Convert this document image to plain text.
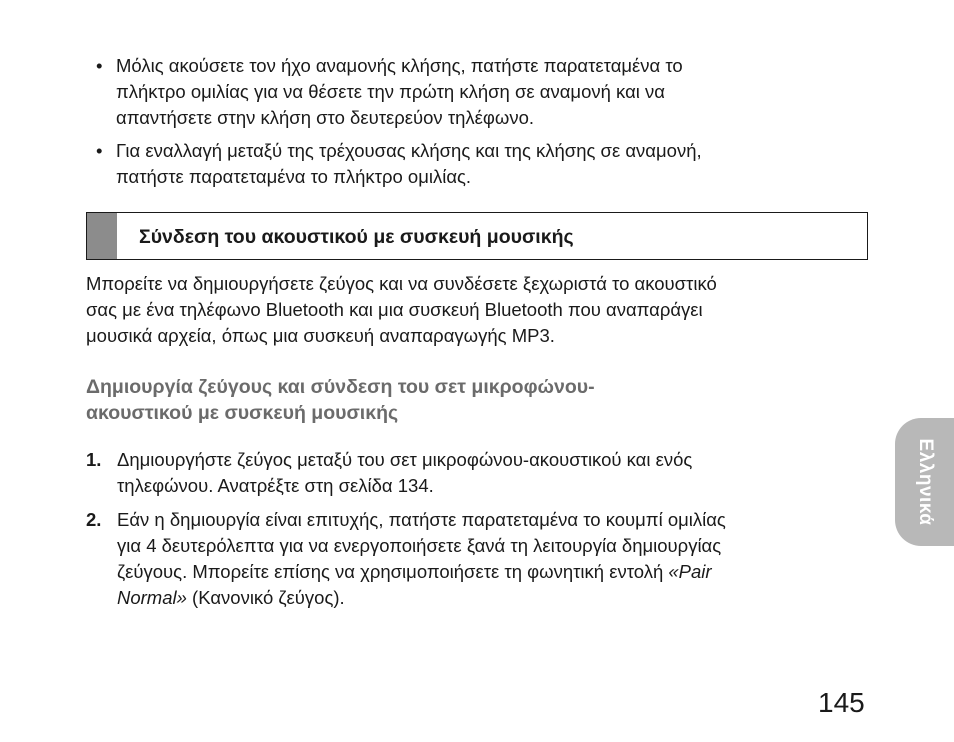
• Μόλις ακούσετε τον ήχο αναμονής κλήσης, πατήστε παρατεταμένα το
πλήκτρο ομιλίας για να θέσετε την πρώτη κλήση σε αναμονή και να
απαντήσετε στην κλήση στο δευτερεύον τηλέφωνο.
• Για εναλλαγή μεταξύ της τρέχουσας κλήσης και της κλήσης σε αναμονή,
πατήστε παρατεταμένα το πλήκτρο ομιλίας.
Σύνδεση του ακουστικού με συσκευή μουσικής

Μπορείτε να δημιουργήσετε ζεύγος και να συνδέσετε ξεχωριστά το ακουστικό
σας με ένα τηλέφωνο Bluetooth και μια συσκευή Bluetooth που αναπαράγει
μουσικά αρχεία, όπως μια συσκευή αναπαραγωγής MP3.

Δημιουργία ζεύγους και σύνδεση του σετ μικροφώνου-
ακουστικού με συσκευή μουσικής
1. Δημιουργήστε ζεύγος μεταξύ του σετ μικροφώνου-ακουστικού και ενός
τηλεφώνου. Ανατρέξτε στη σελίδα 134.
2. Εάν η δημιουργία είναι επιτυχής, πατήστε παρατεταμένα το κουμπί ομιλίας
για 4 δευτερόλεπτα για να ενεργοποιήσετε ξανά τη λειτουργία δημιουργίας
ζεύγους. Μπορείτε επίσης να χρησιμοποιήσετε τη φωνητική εντολή «Pair
Normal» (Κανονικό ζεύγος).
Ελληνικά
145
